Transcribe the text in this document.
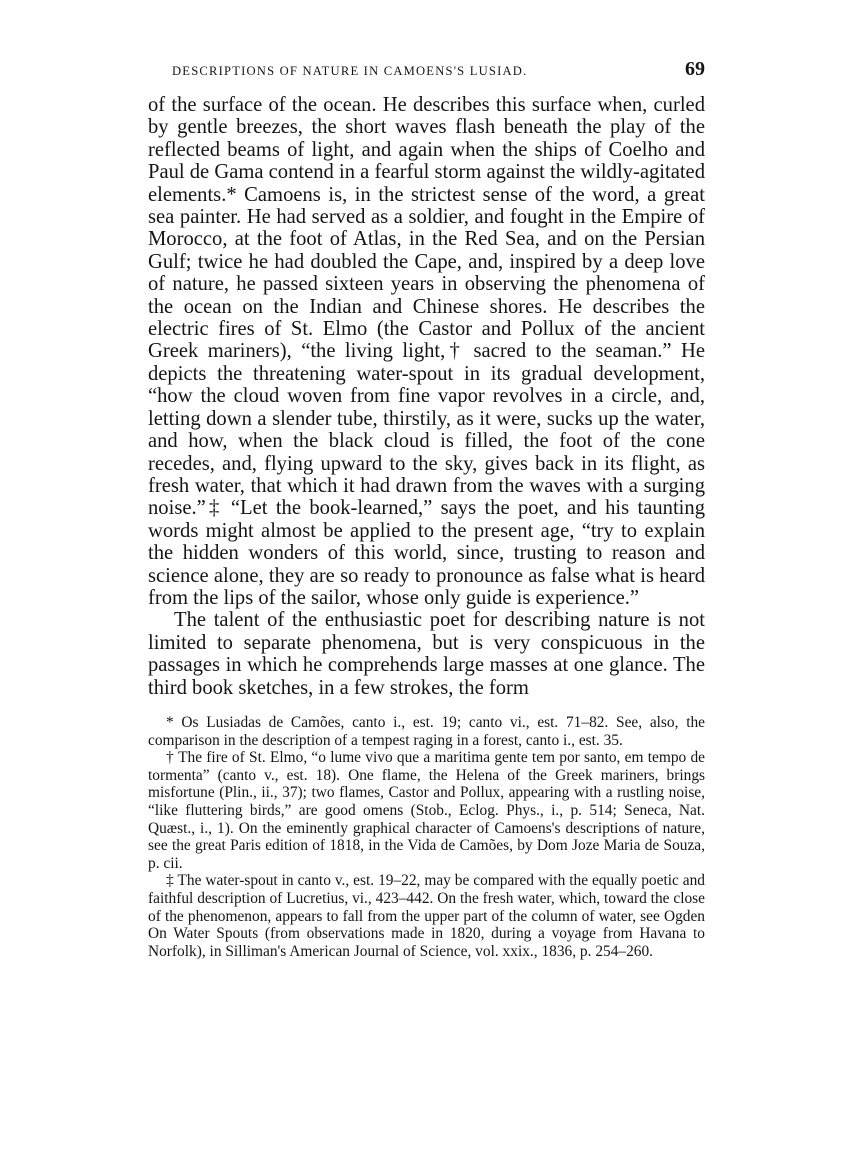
DESCRIPTIONS OF NATURE IN CAMOENS'S LUSIAD.	69

of the surface of the ocean. He describes this surface when, curled by gentle breezes, the short waves flash beneath the play of the reflected beams of light, and again when the ships of Coelho and Paul de Gama contend in a fearful storm against the wildly-agitated elements.* Camoens is, in the strictest sense of the word, a great sea painter. He had served as a soldier, and fought in the Empire of Morocco, at the foot of Atlas, in the Red Sea, and on the Persian Gulf; twice he had doubled the Cape, and, inspired by a deep love of nature, he passed sixteen years in observing the phenomena of the ocean on the Indian and Chinese shores. He describes the electric fires of St. Elmo (the Castor and Pollux of the ancient Greek mariners), “the living light,† sacred to the seaman.” He depicts the threatening water-spout in its gradual development, “how the cloud woven from fine vapor revolves in a circle, and, letting down a slender tube, thirstily, as it were, sucks up the water, and how, when the black cloud is filled, the foot of the cone recedes, and, flying upward to the sky, gives back in its flight, as fresh water, that which it had drawn from the waves with a surging noise.”‡ “Let the book-learned,” says the poet, and his taunting words might almost be applied to the present age, “try to explain the hidden wonders of this world, since, trusting to reason and science alone, they are so ready to pronounce as false what is heard from the lips of the sailor, whose only guide is experience.”

The talent of the enthusiastic poet for describing nature is not limited to separate phenomena, but is very conspicuous in the passages in which he comprehends large masses at one glance. The third book sketches, in a few strokes, the form

* Os Lusiadas de Camões, canto i., est. 19; canto vi., est. 71–82. See, also, the comparison in the description of a tempest raging in a forest, canto i., est. 35.

† The fire of St. Elmo, “o lume vivo que a maritima gente tem por santo, em tempo de tormenta” (canto v., est. 18). One flame, the Helena of the Greek mariners, brings misfortune (Plin., ii., 37); two flames, Castor and Pollux, appearing with a rustling noise, “like fluttering birds,” are good omens (Stob., Eclog. Phys., i., p. 514; Seneca, Nat. Quæst., i., 1). On the eminently graphical character of Camoens's descriptions of nature, see the great Paris edition of 1818, in the Vida de Camões, by Dom Joze Maria de Souza, p. cii.

‡ The water-spout in canto v., est. 19–22, may be compared with the equally poetic and faithful description of Lucretius, vi., 423–442. On the fresh water, which, toward the close of the phenomenon, appears to fall from the upper part of the column of water, see Ogden On Water Spouts (from observations made in 1820, during a voyage from Havana to Norfolk), in Silliman's American Journal of Science, vol. xxix., 1836, p. 254–260.
